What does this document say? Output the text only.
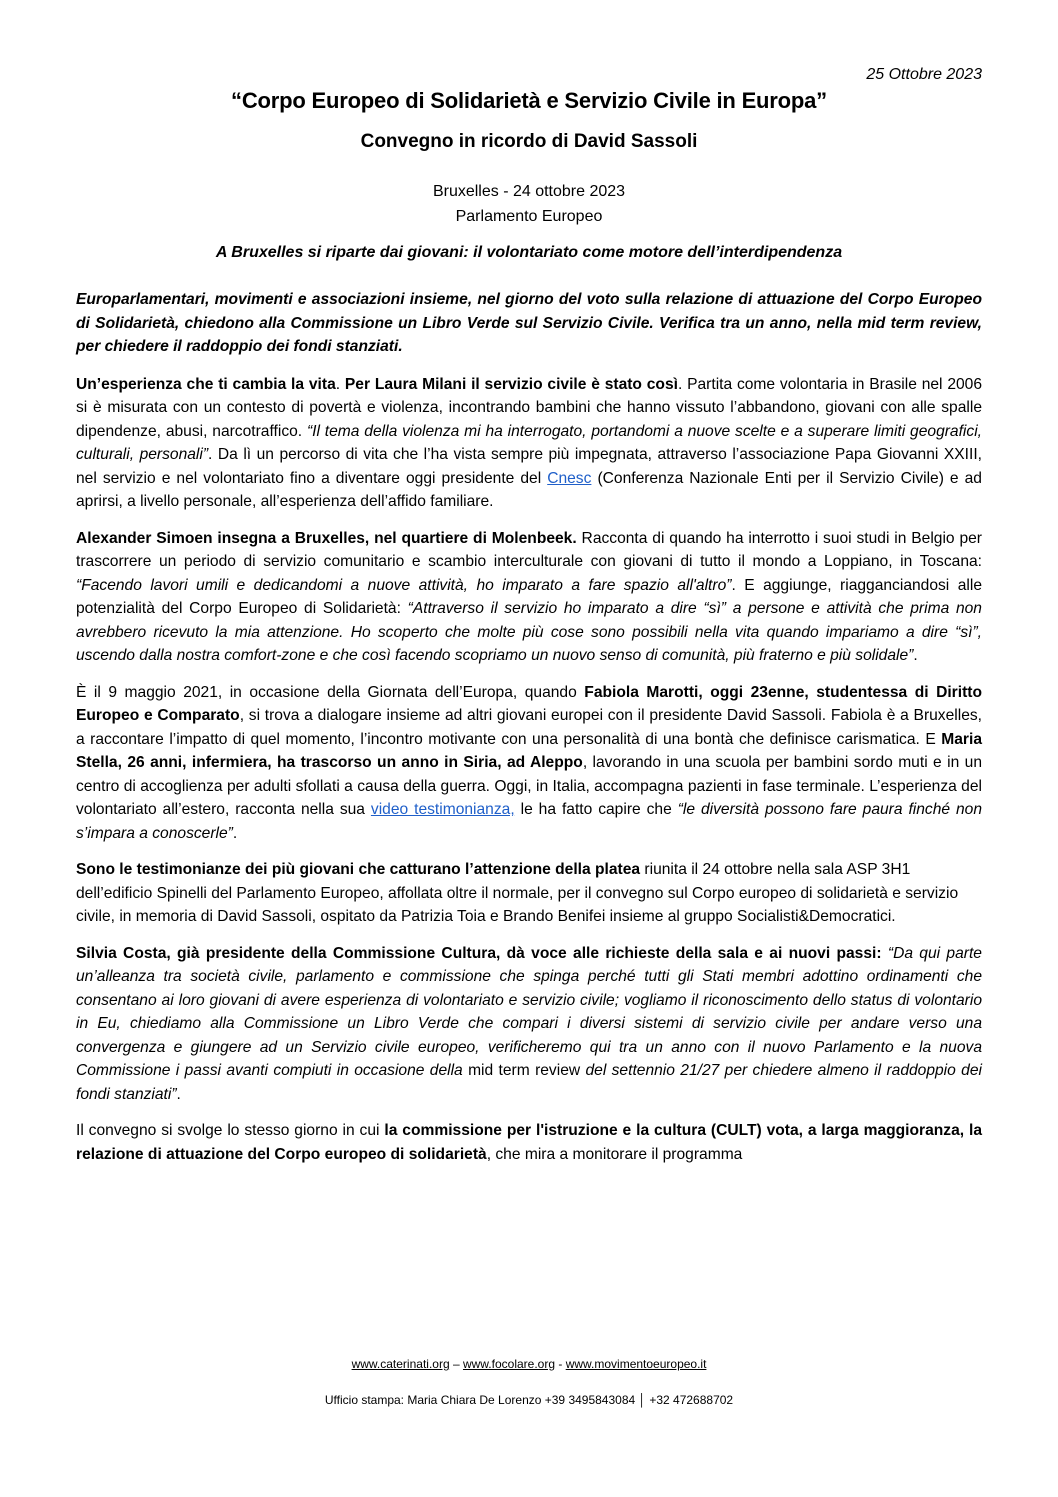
25 Ottobre 2023
“Corpo Europeo di Solidarietà e Servizio Civile in Europa”
Convegno in ricordo di David Sassoli
Bruxelles - 24 ottobre 2023
Parlamento Europeo
A Bruxelles si riparte dai giovani: il volontariato come motore dell’interdipendenza

Europarlamentari, movimenti e associazioni insieme, nel giorno del voto sulla relazione di attuazione del Corpo Europeo di Solidarietà, chiedono alla Commissione un Libro Verde sul Servizio Civile. Verifica tra un anno, nella mid term review, per chiedere il raddoppio dei fondi stanziati.

Un’esperienza che ti cambia la vita. Per Laura Milani il servizio civile è stato così. Partita come volontaria in Brasile nel 2006 si è misurata con un contesto di povertà e violenza, incontrando bambini che hanno vissuto l’abbandono, giovani con alle spalle dipendenze, abusi, narcotraffico. “Il tema della violenza mi ha interrogato, portandomi a nuove scelte e a superare limiti geografici, culturali, personali”. Da lì un percorso di vita che l’ha vista sempre più impegnata, attraverso l’associazione Papa Giovanni XXIII, nel servizio e nel volontariato fino a diventare oggi presidente del Cnesc (Conferenza Nazionale Enti per il Servizio Civile) e ad aprirsi, a livello personale, all’esperienza dell’affido familiare.

Alexander Simoen insegna a Bruxelles, nel quartiere di Molenbeek. Racconta di quando ha interrotto i suoi studi in Belgio per trascorrere un periodo di servizio comunitario e scambio interculturale con giovani di tutto il mondo a Loppiano, in Toscana: “Facendo lavori umili e dedicandomi a nuove attività, ho imparato a fare spazio all'altro”. E aggiunge, riagganciandosi alle potenzialità del Corpo Europeo di Solidarietà: “Attraverso il servizio ho imparato a dire “sì” a persone e attività che prima non avrebbero ricevuto la mia attenzione. Ho scoperto che molte più cose sono possibili nella vita quando impariamo a dire “sì”, uscendo dalla nostra comfort-zone e che così facendo scopriamo un nuovo senso di comunità, più fraterno e più solidale”.

È il 9 maggio 2021, in occasione della Giornata dell’Europa, quando Fabiola Marotti, oggi 23enne, studentessa di Diritto Europeo e Comparato, si trova a dialogare insieme ad altri giovani europei con il presidente David Sassoli. Fabiola è a Bruxelles, a raccontare l’impatto di quel momento, l’incontro motivante con una personalità di una bontà che definisce carismatica. E Maria Stella, 26 anni, infermiera, ha trascorso un anno in Siria, ad Aleppo, lavorando in una scuola per bambini sordo muti e in un centro di accoglienza per adulti sfollati a causa della guerra. Oggi, in Italia, accompagna pazienti in fase terminale. L’esperienza del volontariato all’estero, racconta nella sua video testimonianza, le ha fatto capire che “le diversità possono fare paura finché non s’impara a conoscerle”.

Sono le testimonianze dei più giovani che catturano l’attenzione della platea riunita il 24 ottobre nella sala ASP 3H1 dell’edificio Spinelli del Parlamento Europeo, affollata oltre il normale, per il convegno sul Corpo europeo di solidarietà e servizio civile, in memoria di David Sassoli, ospitato da Patrizia Toia e Brando Benifei insieme al gruppo Socialisti&Democratici.

Silvia Costa, già presidente della Commissione Cultura, dà voce alle richieste della sala e ai nuovi passi: “Da qui parte un’alleanza tra società civile, parlamento e commissione che spinga perché tutti gli Stati membri adottino ordinamenti che consentano ai loro giovani di avere esperienza di volontariato e servizio civile; vogliamo il riconoscimento dello status di volontario in Eu, chiediamo alla Commissione un Libro Verde che compari i diversi sistemi di servizio civile per andare verso una convergenza e giungere ad un Servizio civile europeo, verificheremo qui tra un anno con il nuovo Parlamento e la nuova Commissione i passi avanti compiuti in occasione della mid term review del settennio 21/27 per chiedere almeno il raddoppio dei fondi stanziati”.

Il convegno si svolge lo stesso giorno in cui la commissione per l'istruzione e la cultura (CULT) vota, a larga maggioranza, la relazione di attuazione del Corpo europeo di solidarietà, che mira a monitorare il programma

www.caterinati.org – www.focolare.org - www.movimentoeuropeo.it
Ufficio stampa: Maria Chiara De Lorenzo +39 3495843084 │ +32 472688702
